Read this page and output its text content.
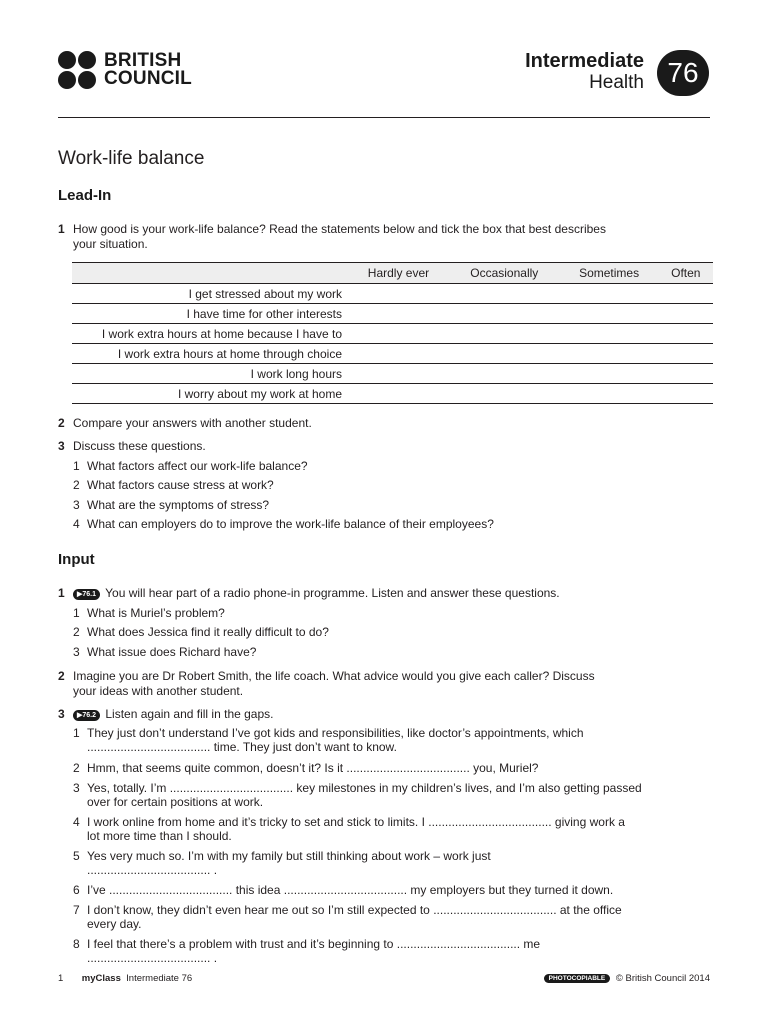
BRITISH
COUNCIL
Intermediate
Health 76
Work-life balance
Lead-In
1 How good is your work-life balance? Read the statements below and tick the box that best describes your situation.
	Hardly ever	Occasionally	Sometimes	Often
I get stressed about my work				
I have time for other interests				
I work extra hours at home because I have to				
I work extra hours at home through choice				
I work long hours				
I worry about my work at home				
2 Compare your answers with another student.
3 Discuss these questions.
1 What factors affect our work-life balance?
2 What factors cause stress at work?
3 What are the symptoms of stress?
4 What can employers do to improve the work-life balance of their employees?
Input
1	▶76.1 You will hear part of a radio phone-in programme. Listen and answer these questions.
1 What is Muriel’s problem?
2 What does Jessica find it really difficult to do?
3 What issue does Richard have?
2 Imagine you are Dr Robert Smith, the life coach. What advice would you give each caller? Discuss your ideas with another student.
3	▶76.2 Listen again and fill in the gaps.
1 They just don’t understand I’ve got kids and responsibilities, like doctor’s appointments, which ..................................... time. They just don’t want to know.
2 Hmm, that seems quite common, doesn’t it? Is it ..................................... you, Muriel?
3 Yes, totally. I’m ..................................... key milestones in my children’s lives, and I’m also getting passed over for certain positions at work.
4 I work online from home and it’s tricky to set and stick to limits. I ..................................... giving work a lot more time than I should.
5 Yes very much so. I’m with my family but still thinking about work – work just ..................................... .
6 I’ve ..................................... this idea ..................................... my employers but they turned it down.
7 I don’t know, they didn’t even hear me out so I’m still expected to ..................................... at the office every day.
8 I feel that there’s a problem with trust and it’s beginning to ..................................... me ..................................... .
1 myClass Intermediate 76	PHOTOCOPIABLE © British Council 2014
